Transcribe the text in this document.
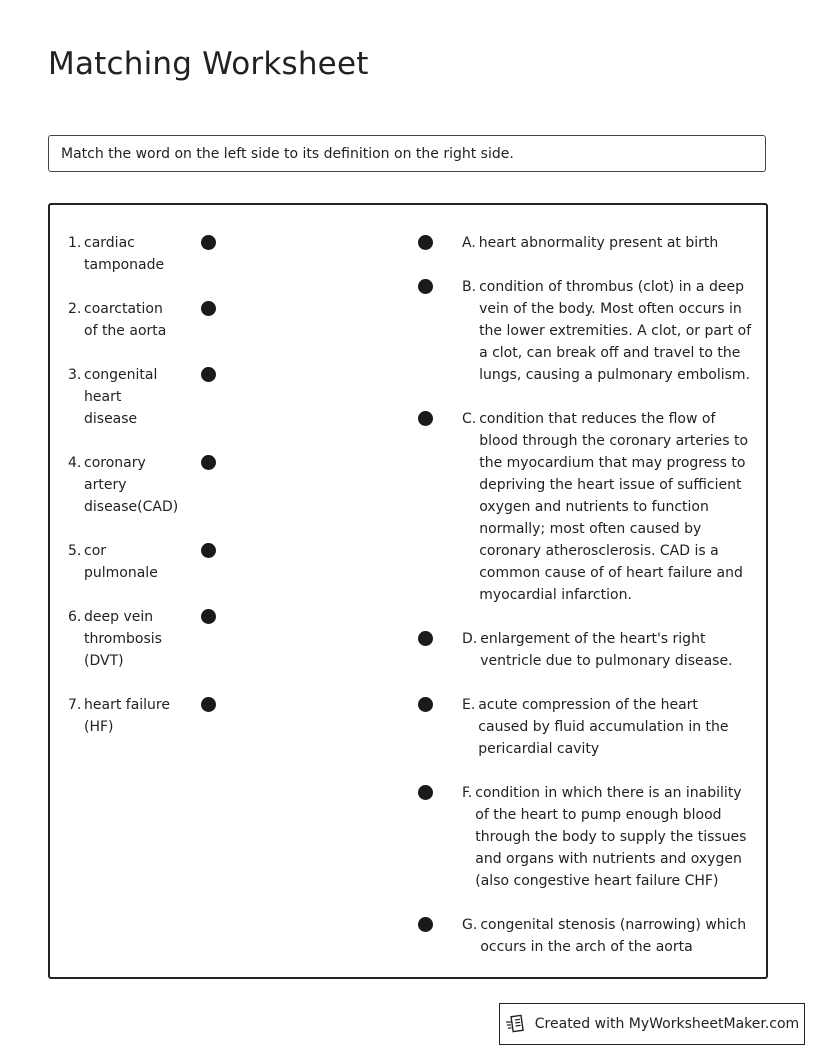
Matching Worksheet
Match the word on the left side to its definition on the right side.
1. cardiac tamponade
2. coarctation of the aorta
3. congenital heart disease
4. coronary artery disease(CAD)
5. cor pulmonale
6. deep vein thrombosis (DVT)
7. heart failure (HF)
A. heart abnormality present at birth
B. condition of thrombus (clot) in a deep vein of the body. Most often occurs in the lower extremities. A clot, or part of a clot, can break off and travel to the lungs, causing a pulmonary embolism.
C. condition that reduces the flow of blood through the coronary arteries to the myocardium that may progress to depriving the heart issue of sufficient oxygen and nutrients to function normally; most often caused by coronary atherosclerosis. CAD is a common cause of of heart failure and myocardial infarction.
D. enlargement of the heart's right ventricle due to pulmonary disease.
E. acute compression of the heart caused by fluid accumulation in the pericardial cavity
F. condition in which there is an inability of the heart to pump enough blood through the body to supply the tissues and organs with nutrients and oxygen (also congestive heart failure CHF)
G. congenital stenosis (narrowing) which occurs in the arch of the aorta
Created with MyWorksheetMaker.com
